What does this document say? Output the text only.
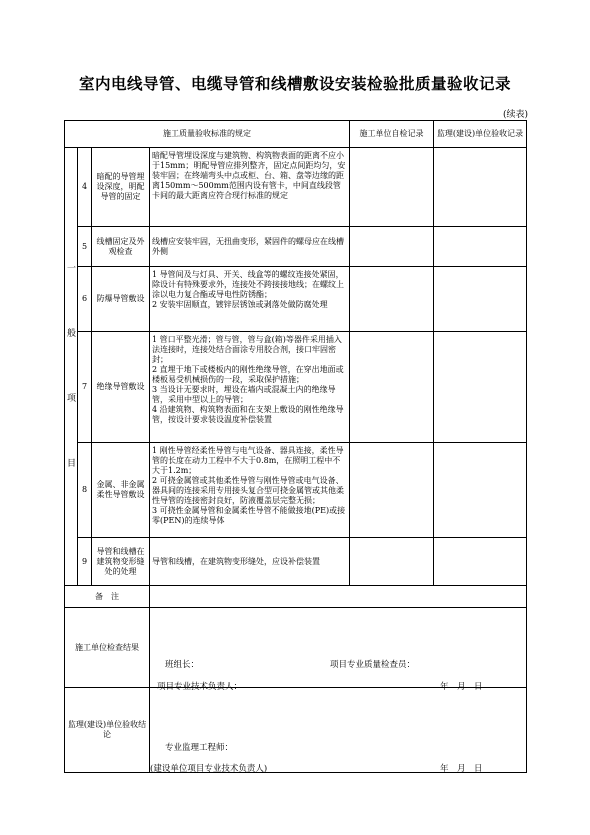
室内电线导管、电缆导管和线槽敷设安装检验批质量验收记录
(续表)
施工质量验收标准的规定				施工单位自检记录	监理(建设)单位验收记录

一

般

项

目	4	暗配的导管埋设深度，明配导管的固定	暗配导管埋设深度与建筑物、构筑物表面的距离不应小于15mm；明配导管应排列整齐，固定点间距均匀，安装牢固；在终端弯头中点或柜、台、箱、盘等边缘的距离150mm～500mm范围内设有管卡，中间直线段管卡间的最大距离应符合现行标准的规定		
	5	线槽固定及外观检查	线槽应安装牢固，无扭曲变形，紧固件的螺母应在线槽外侧		
	6	防爆导管敷设	1 导管间及与灯具、开关、线盒等的螺纹连接处紧固，除设计有特殊要求外，连接处不跨接接地线；在螺纹上涂以电力复合酯或导电性防锈酯；
2 安装牢固顺直，镀锌层锈蚀或剥落处做防腐处理		
	7	绝缘导管敷设	1 管口平整光滑；管与管，管与盒(箱)等器件采用插入法连接时，连接处结合面涂专用胶合剂，接口牢固密封；
2 直埋于地下或楼板内的刚性绝缘导管，在穿出地面或楼板易受机械损伤的一段，采取保护措施；
3 当设计无要求时，埋设在墙内或混凝土内的绝缘导管，采用中型以上的导管；
4 沿建筑物、构筑物表面和在支架上敷设的刚性绝缘导管，按设计要求装设温度补偿装置		
	8	金属、非金属柔性导管敷设	1 刚性导管经柔性导管与电气设备、器具连接，柔性导管的长度在动力工程中不大于0.8m，在照明工程中不大于1.2m；
2 可挠金属管或其他柔性导管与刚性导管或电气设备、器具间的连接采用专用接头复合型可挠金属管或其他柔性导管的连接密封良好，防液覆盖层完整无损；
3 可挠性金属导管和金属柔性导管不能做接地(PE)或接零(PEN)的连续导体		
	9	导管和线槽在建筑物变形缝处的处理	导管和线槽，在建筑物变形缝处，应设补偿装置		
备　注					
施工单位检查结果					
监理(建设)单位验收结论					
班组长：	项目专业质量检查员：
项目专业技术负责人：	年　月　日
专业监理工程师：
(建设单位项目专业技术负责人)	年　月　日
